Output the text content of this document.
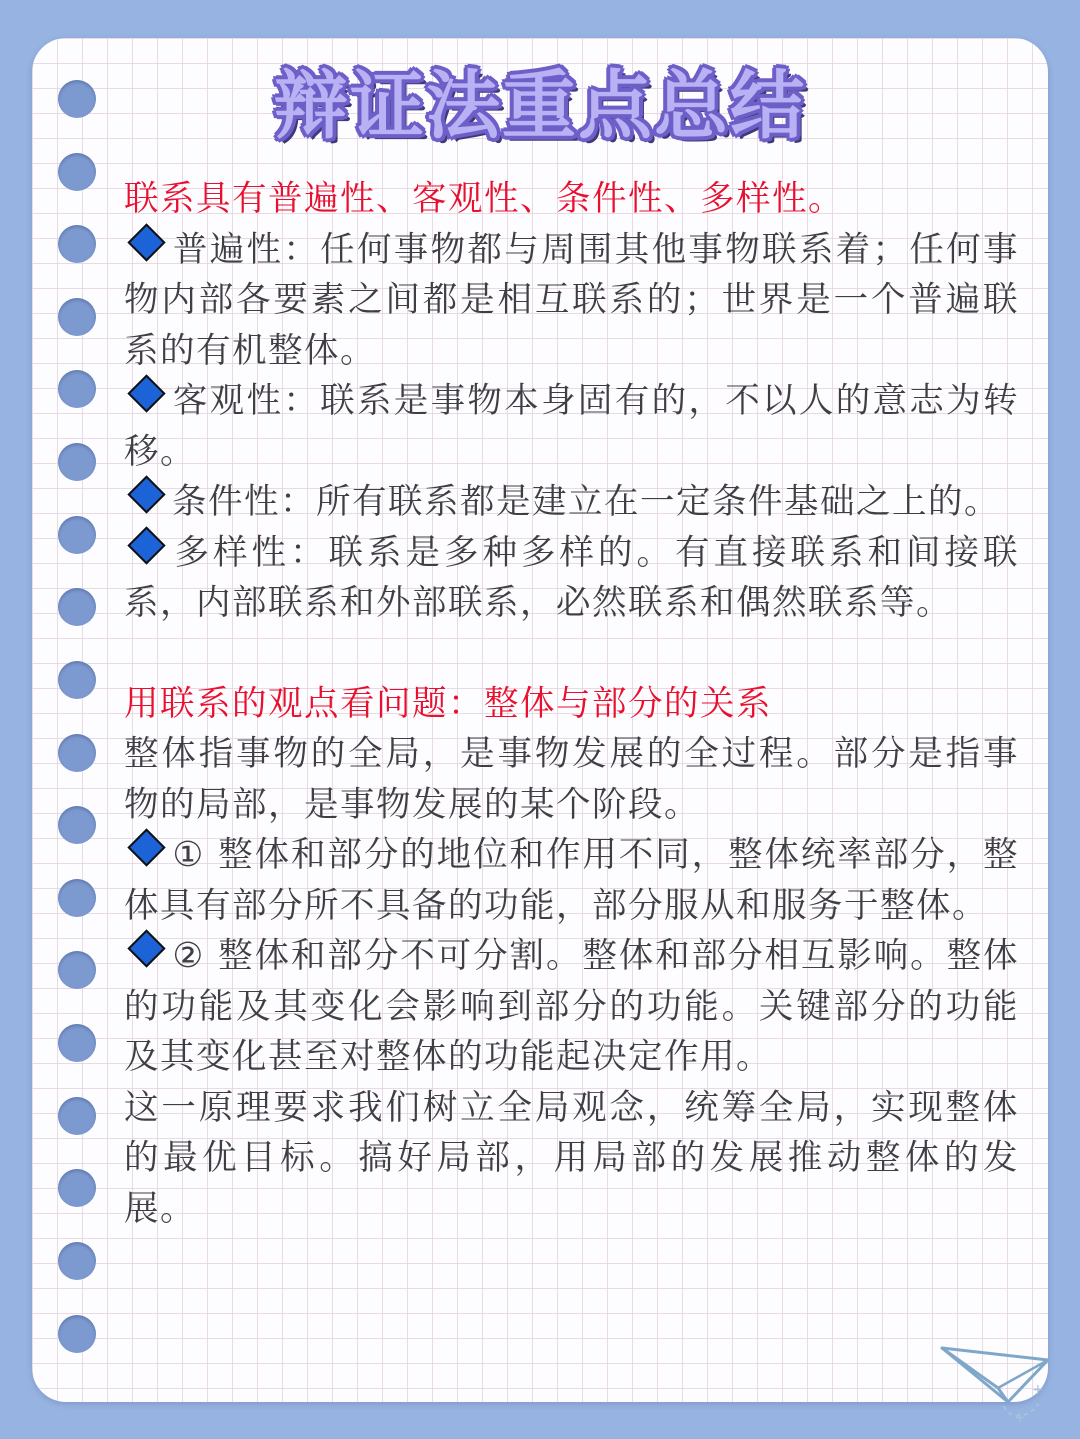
辩证法重点总结

联系具有普遍性、客观性、条件性、多样性。

普遍性：任何事物都与周围其他事物联系着；任何事物内部各要素之间都是相互联系的；世界是一个普遍联系的有机整体。

客观性：联系是事物本身固有的，不以人的意志为转移。

条件性：所有联系都是建立在一定条件基础之上的。

多样性：联系是多种多样的。有直接联系和间接联系，内部联系和外部联系，必然联系和偶然联系等。

用联系的观点看问题：整体与部分的关系

整体指事物的全局，是事物发展的全过程。部分是指事物的局部，是事物发展的某个阶段。

① 整体和部分的地位和作用不同，整体统率部分，整体具有部分所不具备的功能，部分服从和服务于整体。

② 整体和部分不可分割。整体和部分相互影响。整体的功能及其变化会影响到部分的功能。关键部分的功能及其变化甚至对整体的功能起决定作用。

这一原理要求我们树立全局观念，统筹全局，实现整体的最优目标。搞好局部，用局部的发展推动整体的发展。

+
+
